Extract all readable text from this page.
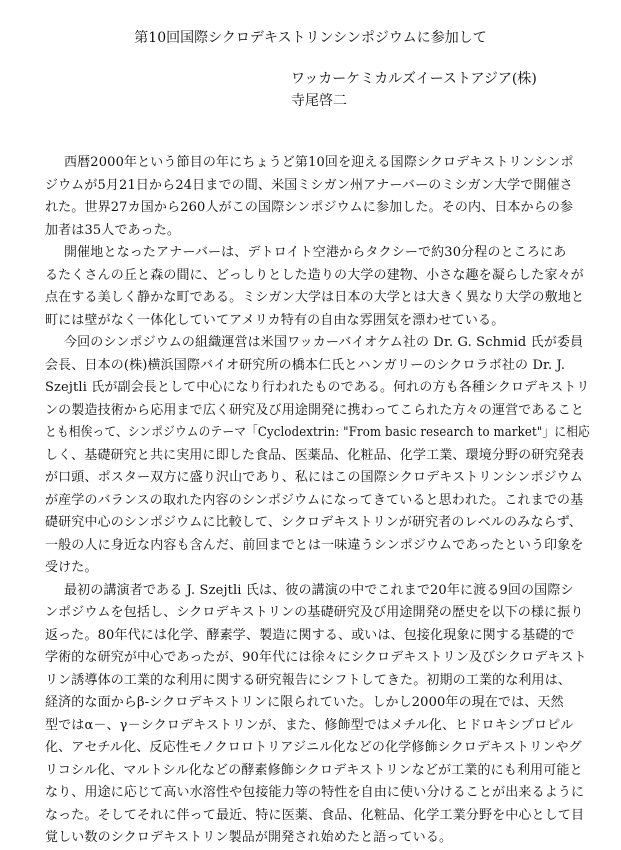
第10回国際シクロデキストリンシンポジウムに参加して
ワッカーケミカルズイーストアジア(株)
寺尾啓二
西暦2000年という節目の年にちょうど第10回を迎える国際シクロデキストリンシンポ
ジウムが5月21日から24日までの間、米国ミシガン州アナーバーのミシガン大学で開催さ
れた。世界27カ国から260人がこの国際シンポジウムに参加した。その内、日本からの参
加者は35人であった。
開催地となったアナーバーは、デトロイト空港からタクシーで約30分程のところにあ
るたくさんの丘と森の間に、どっしりとした造りの大学の建物、小さな趣を凝らした家々が
点在する美しく静かな町である。ミシガン大学は日本の大学とは大きく異なり大学の敷地と
町には壁がなく一体化していてアメリカ特有の自由な雰囲気を漂わせている。
今回のシンポジウムの組織運営は米国ワッカーバイオケム社の Dr. G. Schmid 氏が委員
会長、日本の(株)横浜国際バイオ研究所の橋本仁氏とハンガリーのシクロラボ社の Dr. J.
Szejtli 氏が副会長として中心になり行われたものである。何れの方も各種シクロデキストリ
ンの製造技術から応用まで広く研究及び用途開発に携わってこられた方々の運営であること
とも相俟って、シンポジウムのテーマ「Cyclodextrin: "From basic research to market"」に相応
しく、基礎研究と共に実用に即した食品、医薬品、化粧品、化学工業、環境分野の研究発表
が口頭、ポスター双方に盛り沢山であり、私にはこの国際シクロデキストリンシンポジウム
が産学のバランスの取れた内容のシンポジウムになってきていると思われた。これまでの基
礎研究中心のシンポジウムに比較して、シクロデキストリンが研究者のレベルのみならず、
一般の人に身近な内容も含んだ、前回までとは一味違うシンポジウムであったという印象を
受けた。
最初の講演者である J. Szejtli 氏は、彼の講演の中でこれまで20年に渡る9回の国際シ
ンポジウムを包括し、シクロデキストリンの基礎研究及び用途開発の歴史を以下の様に振り
返った。80年代には化学、酵素学、製造に関する、或いは、包接化現象に関する基礎的で
学術的な研究が中心であったが、90年代には徐々にシクロデキストリン及びシクロデキスト
リン誘導体の工業的な利用に関する研究報告にシフトしてきた。初期の工業的な利用は、
経済的な面からβ-シクロデキストリンに限られていた。しかし2000年の現在では、天然
型ではα－、γ－シクロデキストリンが、また、修飾型ではメチル化、ヒドロキシプロピル
化、アセチル化、反応性モノクロロトリアジニル化などの化学修飾シクロデキストリンやグ
リコシル化、マルトシル化などの酵素修飾シクロデキストリンなどが工業的にも利用可能と
なり、用途に応じて高い水溶性や包接能力等の特性を自由に使い分けることが出来るように
なった。そしてそれに伴って最近、特に医薬、食品、化粧品、化学工業分野を中心として目
覚しい数のシクロデキストリン製品が開発され始めたと語っている。
